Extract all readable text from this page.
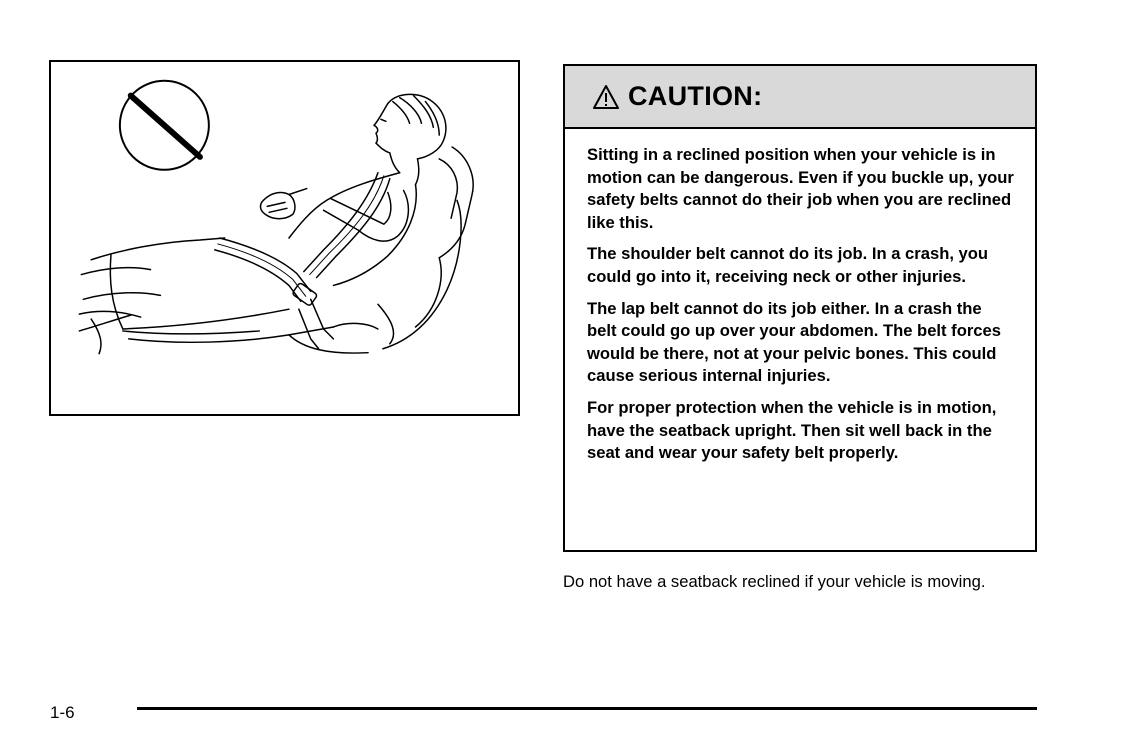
CAUTION:

Sitting in a reclined position when your vehicle is in motion can be dangerous. Even if you buckle up, your safety belts cannot do their job when you are reclined like this.

The shoulder belt cannot do its job. In a crash, you could go into it, receiving neck or other injuries.

The lap belt cannot do its job either. In a crash the belt could go up over your abdomen. The belt forces would be there, not at your pelvic bones. This could cause serious internal injuries.

For proper protection when the vehicle is in motion, have the seatback upright. Then sit well back in the seat and wear your safety belt properly.

Do not have a seatback reclined if your vehicle is moving.

1-6
